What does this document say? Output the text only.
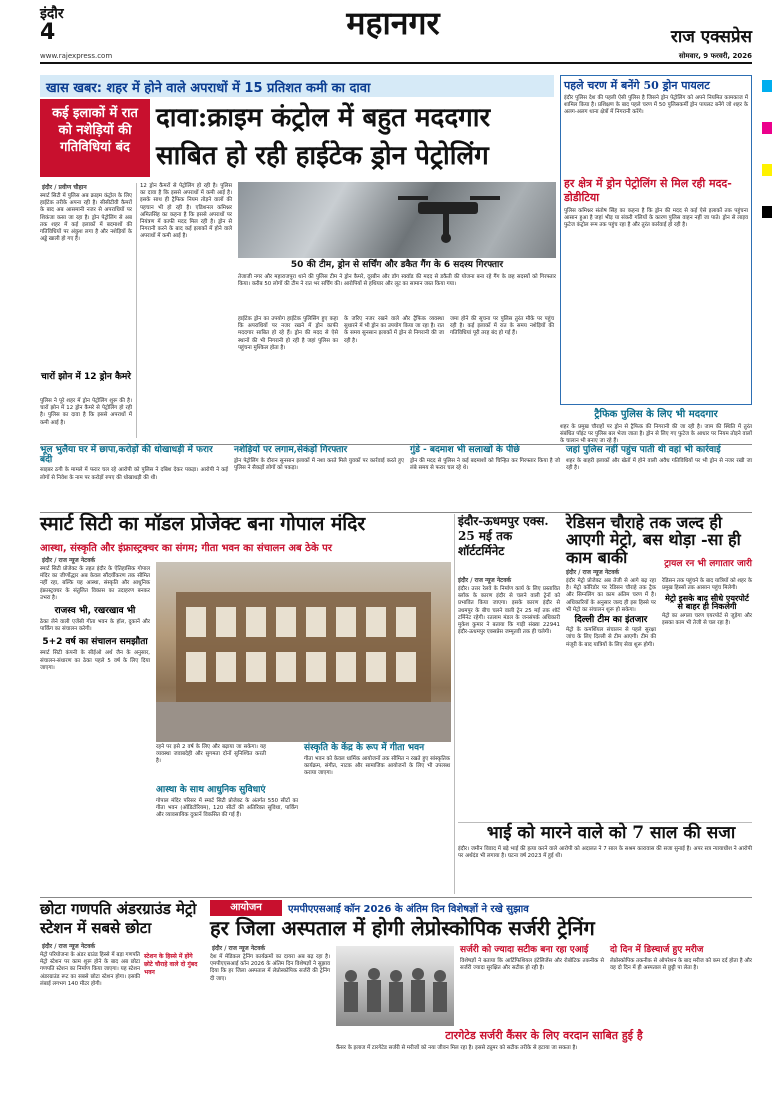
इंदौर
4	महानगर	राज एक्सप्रेस
www.rajexpress.com	सोमवार, 9 फरवरी, 2026
खास खबर: शहर में होने वाले अपराधों में 15 प्रतिशत कमी का दावा
कई इलाकों में रात को नशेड़ियों की गतिविधियां बंद
दावा:क्राइम कंट्रोल में बहुत मददगार साबित हो रही हाईटेक ड्रोन पेट्रोलिंग
इंदौर / प्रवीण चौहान

स्मार्ट सिटी में पुलिस अब क्राइम कंट्रोल के लिए हाईटेक तरीके अपना रही है। सीसीटीवी कैमरों के बाद अब आसमानी नजर से अपराधियों पर शिकंजा कसा जा रहा है। ड्रोन पेट्रोलिंग से अब तक शहर में कई इलाकों में बदमाशों की गतिविधियों पर अंकुश लगा है और नशेड़ियों के अड्डे खाली हो गए हैं।

चारों झोन में 12 ड्रोन कैमरे

पुलिस ने पूरे शहर में ड्रोन पेट्रोलिंग शुरू की है। चारों झोन में 12 ड्रोन कैमरे से पेट्रोलिंग हो रही है। पुलिस का दावा है कि इससे अपराधों में कमी आई है।

12 ड्रोन कैमरों से पेट्रोलिंग हो रही है। पुलिस का दावा है कि इससे अपराधों में कमी आई है। इसके साथ ही ट्रैफिक नियम तोड़ने वालों की पहचान भी हो रही है। एडिशनल कमिश्नर अमितसिंह का कहना है कि इससे अपराधों पर नियंत्रण में काफी मदद मिल रही है। ड्रोन से निगरानी करने के बाद कई इलाकों में होने वाले अपराधों में कमी आई है।

50 की टीम, ड्रोन से सर्चिंग और डकैत गैंग के 6 सदस्य गिरफ्तार

तेजाजी नगर और महाराजपुरा थाने की पुलिस टीम ने ड्रोन कैमरे, दूरबीन और डॉग स्क्वॉड की मदद से डकैती की योजना बना रहे गैंग के छह सदस्यों को गिरफ्तार किया। करीब 50 लोगों की टीम ने रात भर सर्चिंग की। आरोपियों से हथियार और लूट का सामान जब्त किया गया।

हाईटेक ड्रोन का उपयोग हाईटेक पुलिसिंग हुए कहा कि अपराधियों पर नजर रखने में ड्रोन काफी मददगार साबित हो रहे हैं। ड्रोन की मदद से ऐसे स्थानों की भी निगरानी हो रही है जहां पुलिस का पहुंचना मुश्किल होता है।

के जरिए नजर रखने वाले और ट्रैफिक व्यवस्था सुधारने में भी ड्रोन का उपयोग किया जा रहा है। रात के समय सुनसान इलाकों में ड्रोन से निगरानी की जा रही है।

जमा होने की सूचना पर पुलिस तुरंत मौके पर पहुंच रही है। कई इलाकों में रात के समय नशेड़ियों की गतिविधियां पूरी तरह बंद हो गई हैं।

पहले चरण में बनेंगे 50 ड्रोन पायलट
इंदौर पुलिस देश की पहली ऐसी पुलिस है जिसने ड्रोन पेट्रोलिंग को अपने नियमित कामकाज में शामिल किया है। प्रशिक्षण के बाद पहले चरण में 50 पुलिसकर्मी ड्रोन पायलट बनेंगे जो शहर के अलग-अलग थाना क्षेत्रों में निगरानी करेंगे।
हर क्षेत्र में ड्रोन पेट्रोलिंग से मिल रही मदद-डोडीटिया
पुलिस कमिश्नर संतोष सिंह का कहना है कि ड्रोन की मदद से कई ऐसे इलाकों तक पहुंचना आसान हुआ है जहां भीड़ या संकरी गलियों के कारण पुलिस वाहन नहीं जा पाते। ड्रोन से लाइव फुटेज कंट्रोल रूम तक पहुंच रहा है और तुरंत कार्रवाई हो रही है।
ट्रैफिक पुलिस के लिए भी मददगार

शहर के प्रमुख चौराहों पर ड्रोन से ट्रैफिक की निगरानी की जा रही है। जाम की स्थिति में तुरंत संबंधित पॉइंट पर पुलिस बल भेजा जाता है। ड्रोन से लिए गए फुटेज के आधार पर नियम तोड़ने वालों के चालान भी बनाए जा रहे हैं।

भूल भुलैया घर में छापा,करोड़ों की धोखाधड़ी में फरार बंदी
साइबर ठगी के मामले में फरार चल रहे आरोपी को पुलिस ने दबिश देकर पकड़ा। आरोपी ने कई लोगों से निवेश के नाम पर करोड़ों रुपए की धोखाधड़ी की थी।
नशेड़ियों पर लगाम,सेकंड़ों गिरफ्तार
ड्रोन पेट्रोलिंग के दौरान सुनसान इलाकों में नशा करते मिले युवकों पर कार्रवाई करते हुए पुलिस ने सैकड़ों लोगों को पकड़ा।
गुंडे - बदमाश भी सलाखों के पीछे
ड्रोन की मदद से पुलिस ने कई बदमाशों को चिन्हित कर गिरफ्तार किया है जो लंबे समय से फरार चल रहे थे।
जहां पुलिस नहीं पहुंच पाती थी वहां भी कार्रवाई
शहर के बाहरी इलाकों और खेतों में होने वाली अवैध गतिविधियों पर भी ड्रोन से नजर रखी जा रही है।
स्मार्ट सिटी का मॉडल प्रोजेक्ट बना गोपाल मंदिर
आस्था, संस्कृति और इंफ्रास्ट्रक्चर का संगम; गीता भवन का संचालन अब ठेके पर
इंदौर / राज न्यूज नेटवर्क

स्मार्ट सिटी प्रोजेक्ट के तहत इंदौर के ऐतिहासिक गोपाल मंदिर का जीर्णोद्धार अब केवल सौंदर्यीकरण तक सीमित नहीं रहा, बल्कि यह आस्था, संस्कृति और आधुनिक इंफ्रास्ट्रक्चर के संतुलित विकास का उदाहरण बनकर उभरा है।

राजस्व भी, रखरखाव भी

ठेका लेने वाली एजेंसी गीता भवन के हॉल, दुकानें और पार्किंग का संचालन करेगी।

5+2 वर्ष का संचालन समझौता

स्मार्ट सिटी कंपनी के सीईओ अर्थ जैन के अनुसार, संचालन-संधारण का ठेका पहले 5 वर्ष के लिए दिया जाएगा।

रहने पर इसे 2 वर्ष के लिए और बढ़ाया जा सकेगा। यह व्यवस्था जवाबदेही और सुगमता दोनों सुनिश्चित करती है।

आस्था के साथ आधुनिक सुविधाएं
गोपाल मंदिर परिसर में स्मार्ट सिटी प्रोजेक्ट के अंतर्गत 550 सीटों का गीता भवन (ऑडिटोरियम), 120 सीटों की अतिरिक्त सुविधा, पार्किंग और व्यावसायिक दुकानें विकसित की गई हैं।
संस्कृति के केंद्र के रूप में गीता भवन
गीता भवन को केवल धार्मिक आयोजनों तक सीमित न रखते हुए सांस्कृतिक कार्यक्रम, संगीत, नाटक और सामाजिक आयोजनों के लिए भी उपलब्ध कराया जाएगा।
इंदौर-ऊधमपुर एक्स. 25 मई तक शॉर्टटर्मिनेट
इंदौर / राज न्यूज नेटवर्क

इंदौर। उत्तर रेलवे के निर्माण कार्य के लिए प्रस्तावित ब्लॉक के कारण इंदौर से चलने वाली ट्रेनों को प्रभावित किया जाएगा। इसके कारण इंदौर से उधमपुर के बीच चलने वाली ट्रेन 25 मई तक शॉर्ट टर्मिनेट रहेगी। रतलाम मंडल के जनसंपर्क अधिकारी मुकेश कुमार ने बताया कि गाड़ी संख्या 22941 इंदौर-ऊधमपुर एक्सप्रेस जम्मूतवी तक ही चलेगी।

रेडिसन चौराहे तक जल्द ही आएगी मेट्रो, बस थोड़ा -सा ही काम बाकी	ट्रायल रन भी लगातार जारी
इंदौर / राज न्यूज नेटवर्क

इंदौर मेट्रो प्रोजेक्ट अब तेजी से आगे बढ़ रहा है। मेट्रो कॉरिडोर पर रेडिसन चौराहे तक ट्रैक और सिग्नलिंग का काम अंतिम चरण में है। अधिकारियों के अनुसार जल्द ही इस हिस्से पर भी मेट्रो का संचालन शुरू हो सकेगा।

दिल्ली टीम का इंतजार

मेट्रो के कमर्शियल संचालन से पहले सुरक्षा जांच के लिए दिल्ली से टीम आएगी। टीम की मंजूरी के बाद यात्रियों के लिए सेवा शुरू होगी।

रेडिसन तक पहुंचने के बाद यात्रियों को शहर के प्रमुख हिस्सों तक आसान पहुंच मिलेगी।

मेट्रो इसके बाद सीधे एयरपोर्ट से बाहर ही निकलेगी

मेट्रो का अगला चरण एयरपोर्ट से जुड़ेगा और इसका काम भी तेजी से चल रहा है।

भाई को मारने वाले को 7 साल की सजा

इंदौर। जमीन विवाद में बड़े भाई की हत्या करने वाले आरोपी को अदालत ने 7 साल के सश्रम कारावास की सजा सुनाई है। अपर सत्र न्यायाधीश ने आरोपी पर अर्थदंड भी लगाया है। घटना वर्ष 2023 में हुई थी।

छोटा गणपति अंडरग्राउंड मेट्रो स्टेशन में सबसे छोटा
इंदौर / राज न्यूज नेटवर्क

मेट्रो परियोजना के अंडर ग्राउंड हिस्से में बड़ा गणपति मेट्रो स्टेशन पर काम शुरू होने के बाद अब छोटा गणपति स्टेशन का निर्माण किया जाएगा। यह स्टेशन अंडरग्राउंड रूट का सबसे छोटा स्टेशन होगा। इसकी लंबाई लगभग 140 मीटर होगी।

स्टेशन के हिस्से में होंगे छोटे चौराहे वाले दो गुंबद भवन
आयोजन	एमपीएएसआई कॉन 2026 के अंतिम दिन विशेषज्ञों ने रखे सुझाव
हर जिला अस्पताल में होगी लेप्रोस्कोपिक सर्जरी ट्रेनिंग
इंदौर / राज न्यूज नेटवर्क

देश में मेडिकल ट्रेनिंग कार्यक्रमों का दायरा अब बढ़ रहा है। एमपीएएसआई कॉन 2026 के अंतिम दिन विशेषज्ञों ने सुझाव दिया कि हर जिला अस्पताल में लेप्रोस्कोपिक सर्जरी की ट्रेनिंग दी जाए।

सर्जरी को ज्यादा सटीक बना रहा एआई
विशेषज्ञों ने बताया कि आर्टिफिशियल इंटेलिजेंस और रोबोटिक तकनीक से सर्जरी ज्यादा सुरक्षित और सटीक हो रही है।
दो दिन में डिस्चार्ज हुए मरीज
लेप्रोस्कोपिक तकनीक से ऑपरेशन के बाद मरीज को कम दर्द होता है और वह दो दिन में ही अस्पताल से छुट्टी पा लेता है।
टारगेटेड सर्जरी कैंसर के लिए वरदान साबित हुई है
कैंसर के इलाज में टारगेटेड सर्जरी से मरीजों को नया जीवन मिल रहा है। इससे ट्यूमर को सटीक तरीके से हटाया जा सकता है।
